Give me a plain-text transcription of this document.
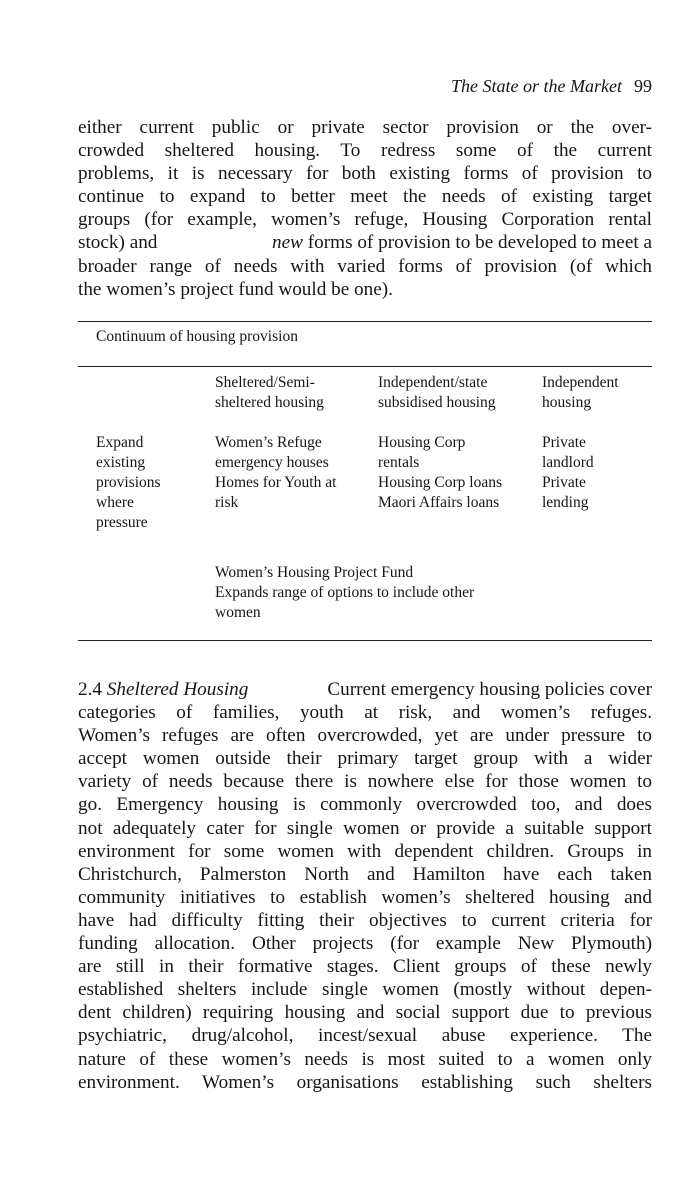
The State or the Market 99
either current public or private sector provision or the over-
crowded sheltered housing. To redress some of the current
problems, it is necessary for both existing forms of provision to
continue to expand to better meet the needs of existing target
groups (for example, women’s refuge, Housing Corporation rental
stock) and	new forms of provision to be developed to meet a
broader range of needs with varied forms of provision (of which
the women’s project fund would be one).
Continuum of housing provision
Sheltered/Semi-
sheltered housing
Independent/state
subsidised housing
Independent
housing
Expand
existing
provisions
where
pressure
Women’s Refuge
emergency houses
Homes for Youth at
risk
Housing Corp
rentals
Housing Corp loans
Maori Affairs loans
Private
landlord
Private
lending
Women’s Housing Project Fund
Expands range of options to include other
women
2.4 Sheltered Housing	Current emergency housing policies cover
categories of families, youth at risk, and women’s refuges.
Women’s refuges are often overcrowded, yet are under pressure to
accept women outside their primary target group with a wider
variety of needs because there is nowhere else for those women to
go. Emergency housing is commonly overcrowded too, and does
not adequately cater for single women or provide a suitable support
environment for some women with dependent children. Groups in
Christchurch, Palmerston North and Hamilton have each taken
community initiatives to establish women’s sheltered housing and
have had difficulty fitting their objectives to current criteria for
funding allocation. Other projects (for example New Plymouth)
are still in their formative stages. Client groups of these newly
established shelters include single women (mostly without depen-
dent children) requiring housing and social support due to previous
psychiatric, drug/alcohol, incest/sexual abuse experience. The
nature of these women’s needs is most suited to a women only
environment. Women’s organisations establishing such shelters
